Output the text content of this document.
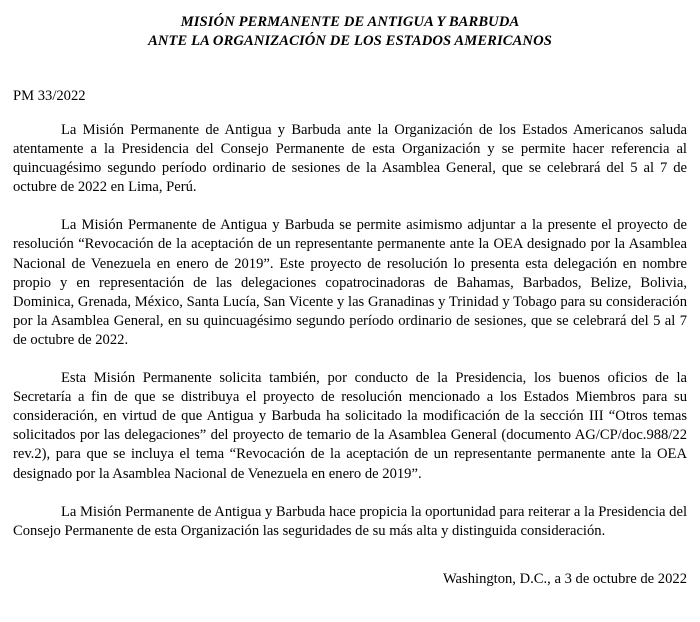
MISIÓN PERMANENTE DE ANTIGUA Y BARBUDA
ANTE LA ORGANIZACIÓN DE LOS ESTADOS AMERICANOS
PM 33/2022

La Misión Permanente de Antigua y Barbuda ante la Organización de los Estados Americanos saluda atentamente a la Presidencia del Consejo Permanente de esta Organización y se permite hacer referencia al quincuagésimo segundo período ordinario de sesiones de la Asamblea General, que se celebrará del 5 al 7 de octubre de 2022 en Lima, Perú.

La Misión Permanente de Antigua y Barbuda se permite asimismo adjuntar a la presente el proyecto de resolución “Revocación de la aceptación de un representante permanente ante la OEA designado por la Asamblea Nacional de Venezuela en enero de 2019”. Este proyecto de resolución lo presenta esta delegación en nombre propio y en representación de las delegaciones copatrocinadoras de Bahamas, Barbados, Belize, Bolivia, Dominica, Grenada, México, Santa Lucía, San Vicente y las Granadinas y Trinidad y Tobago para su consideración por la Asamblea General, en su quincuagésimo segundo período ordinario de sesiones, que se celebrará del 5 al 7 de octubre de 2022.

Esta Misión Permanente solicita también, por conducto de la Presidencia, los buenos oficios de la Secretaría a fin de que se distribuya el proyecto de resolución mencionado a los Estados Miembros para su consideración, en virtud de que Antigua y Barbuda ha solicitado la modificación de la sección III “Otros temas solicitados por las delegaciones” del proyecto de temario de la Asamblea General (documento AG/CP/doc.988/22 rev.2), para que se incluya el tema “Revocación de la aceptación de un representante permanente ante la OEA designado por la Asamblea Nacional de Venezuela en enero de 2019”.

La Misión Permanente de Antigua y Barbuda hace propicia la oportunidad para reiterar a la Presidencia del Consejo Permanente de esta Organización las seguridades de su más alta y distinguida consideración.

Washington, D.C., a 3 de octubre de 2022
